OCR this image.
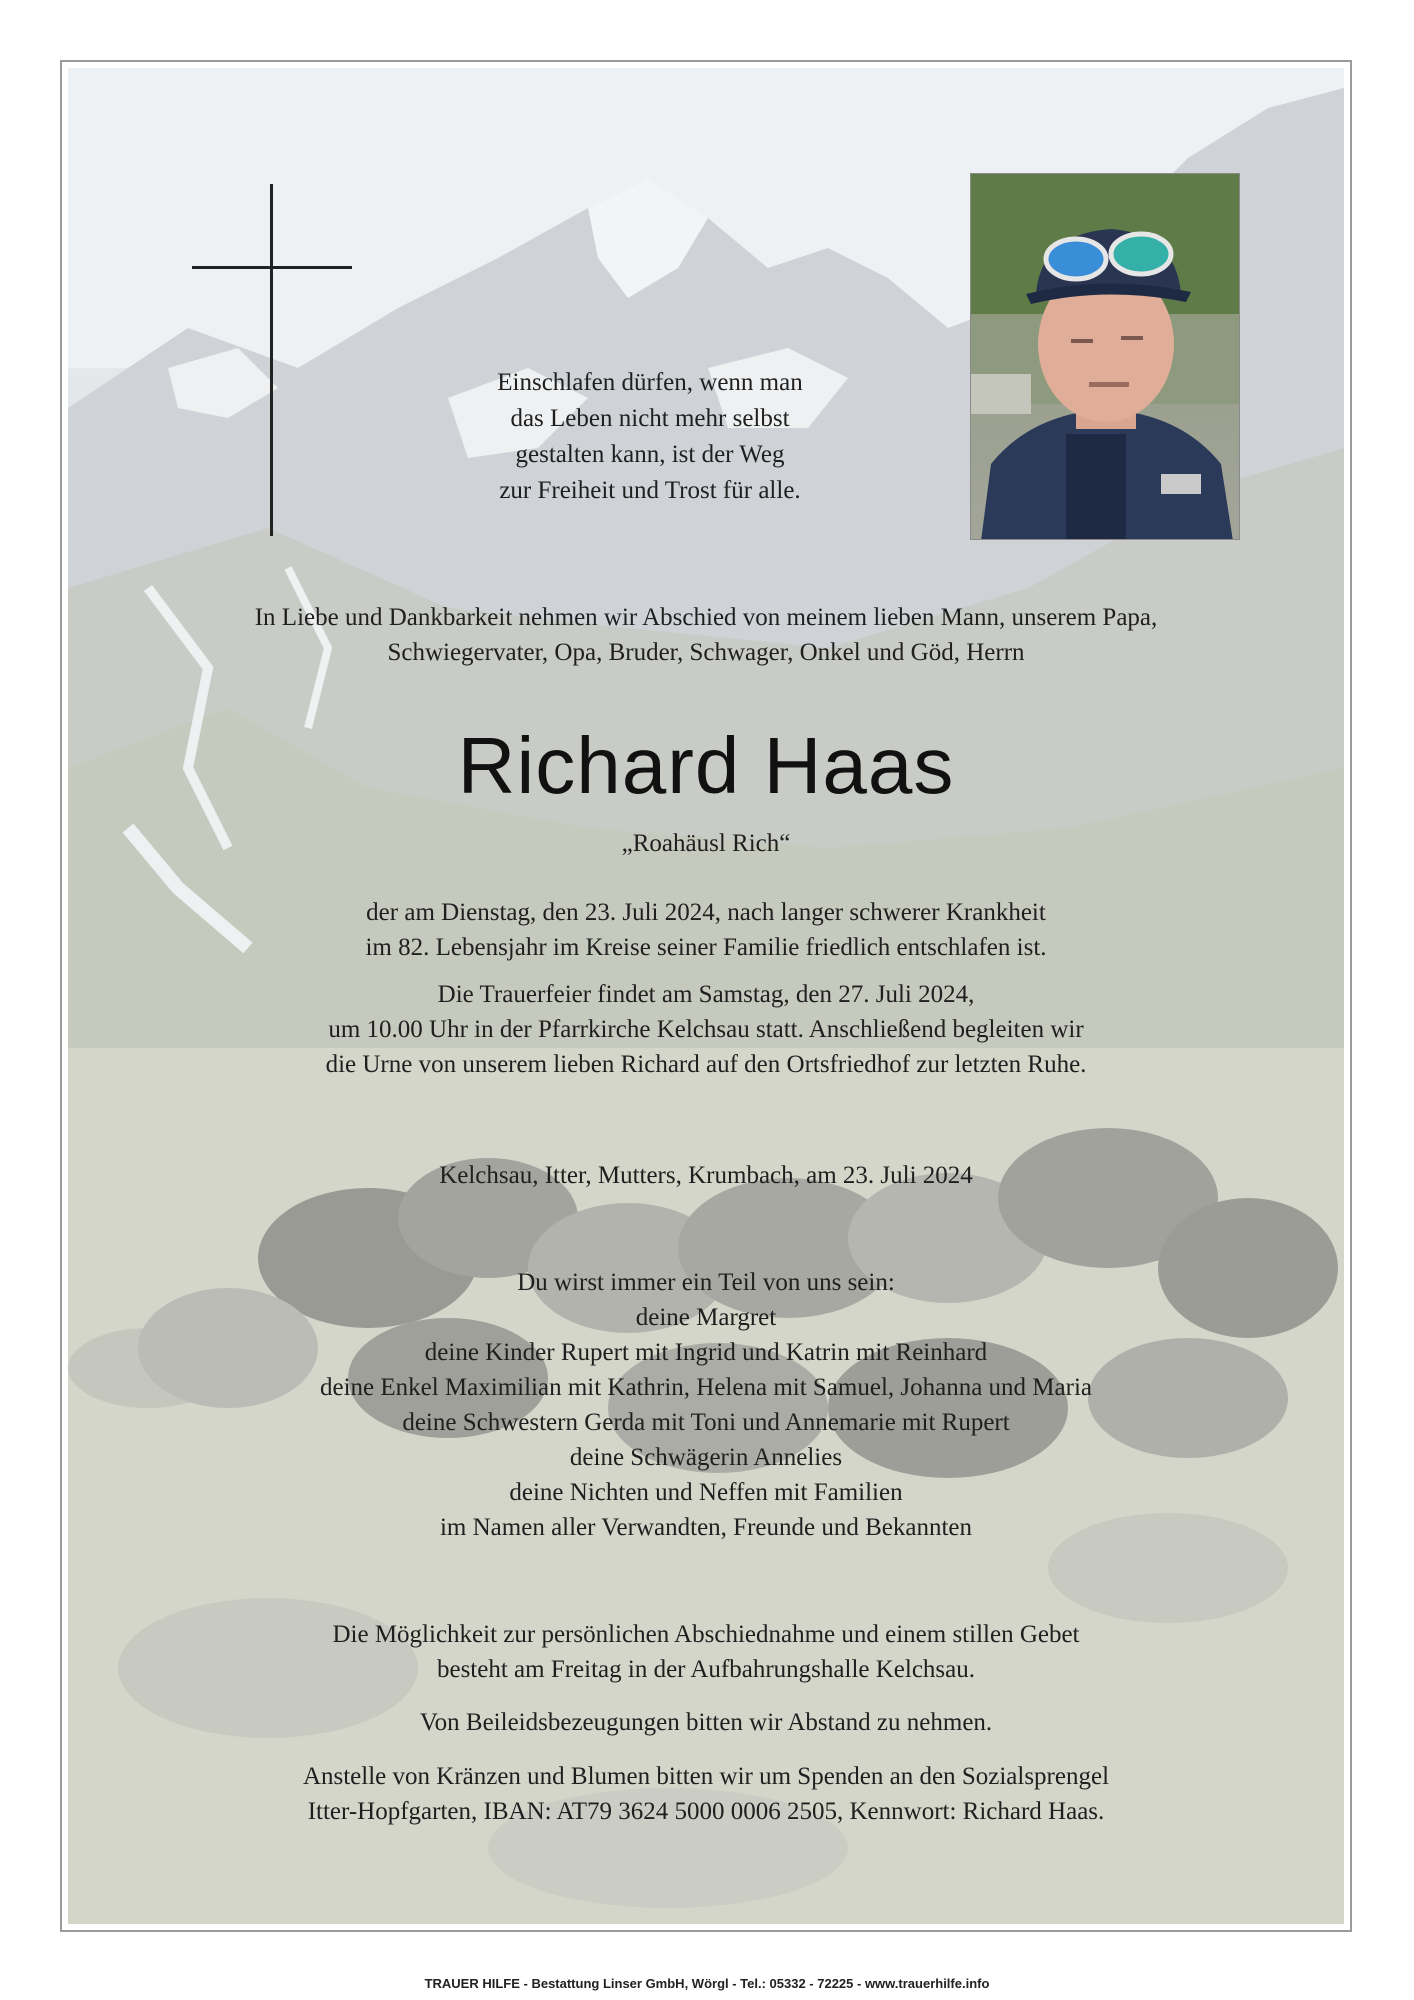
Einschlafen dürfen, wenn man
das Leben nicht mehr selbst
gestalten kann, ist der Weg
zur Freiheit und Trost für alle.
In Liebe und Dankbarkeit nehmen wir Abschied von meinem lieben Mann, unserem Papa,
Schwiegervater, Opa, Bruder, Schwager, Onkel und Göd, Herrn
Richard Haas
„Roahäusl Rich“
der am Dienstag, den 23. Juli 2024, nach langer schwerer Krankheit
im 82. Lebensjahr im Kreise seiner Familie friedlich entschlafen ist.
Die Trauerfeier findet am Samstag, den 27. Juli 2024,
um 10.00 Uhr in der Pfarrkirche Kelchsau statt. Anschließend begleiten wir
die Urne von unserem lieben Richard auf den Ortsfriedhof zur letzten Ruhe.
Kelchsau, Itter, Mutters, Krumbach, am 23. Juli 2024
Du wirst immer ein Teil von uns sein:
deine Margret
deine Kinder Rupert mit Ingrid und Katrin mit Reinhard
deine Enkel Maximilian mit Kathrin, Helena mit Samuel, Johanna und Maria
deine Schwestern Gerda mit Toni und Annemarie mit Rupert
deine Schwägerin Annelies
deine Nichten und Neffen mit Familien
im Namen aller Verwandten, Freunde und Bekannten
Die Möglichkeit zur persönlichen Abschiednahme und einem stillen Gebet
besteht am Freitag in der Aufbahrungshalle Kelchsau.
Von Beileidsbezeugungen bitten wir Abstand zu nehmen.
Anstelle von Kränzen und Blumen bitten wir um Spenden an den Sozialsprengel
Itter-Hopfgarten, IBAN: AT79 3624 5000 0006 2505, Kennwort: Richard Haas.
TRAUER HILFE - Bestattung Linser GmbH, Wörgl - Tel.: 05332 - 72225 - www.trauerhilfe.info
